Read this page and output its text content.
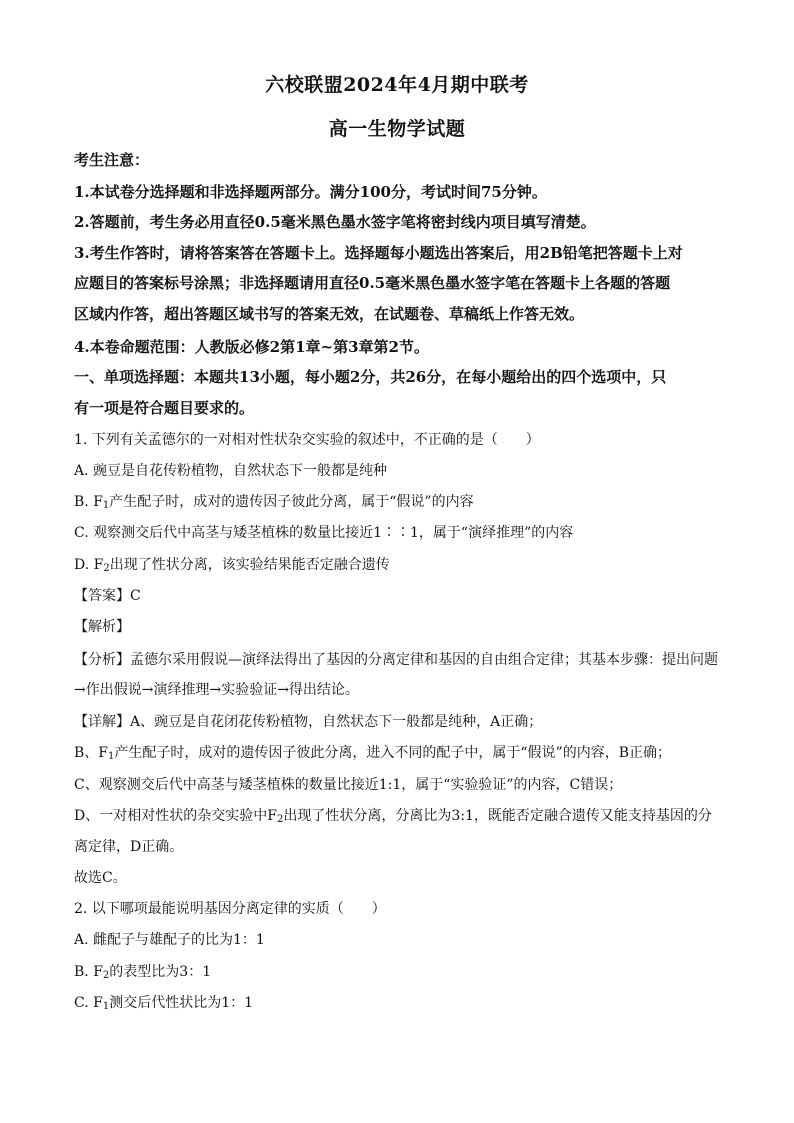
六校联盟2024年4月期中联考
高一生物学试题
考生注意：
1.本试卷分选择题和非选择题两部分。满分100分，考试时间75分钟。
2.答题前，考生务必用直径0.5毫米黑色墨水签字笔将密封线内项目填写清楚。
3.考生作答时，请将答案答在答题卡上。选择题每小题选出答案后，用2B铅笔把答题卡上对
应题目的答案标号涂黑；非选择题请用直径0.5毫米黑色墨水签字笔在答题卡上各题的答题
区域内作答，超出答题区域书写的答案无效，在试题卷、草稿纸上作答无效。
4.本卷命题范围：人教版必修2第1章~第3章第2节。
一、单项选择题：本题共13小题，每小题2分，共26分，在每小题给出的四个选项中，只
有一项是符合题目要求的。
1. 下列有关孟德尔的一对相对性状杂交实验的叙述中，不正确的是（　　）
A. 豌豆是自花传粉植物，自然状态下一般都是纯种
B. $F_1$产生配子时，成对的遗传因子彼此分离，属于“假说”的内容
C. 观察测交后代中高茎与矮茎植株的数量比接近1∶∶1，属于“演绎推理”的内容
D. $F_2$出现了性状分离，该实验结果能否定融合遗传
【答案】C
【解析】
【分析】孟德尔采用假说—演绎法得出了基因的分离定律和基因的自由组合定律；其基本步骤：提出问题
→作出假说→演绎推理→实验验证→得出结论。
【详解】A、豌豆是自花闭花传粉植物，自然状态下一般都是纯种，A正确；
B、$F_1$产生配子时，成对的遗传因子彼此分离，进入不同的配子中，属于“假说”的内容，B正确；
C、观察测交后代中高茎与矮茎植株的数量比接近1:1，属于“实验验证”的内容，C错误；
D、一对相对性状的杂交实验中$F_2$出现了性状分离，分离比为3:1，既能否定融合遗传又能支持基因的分
离定律，D正确。
故选C。
2. 以下哪项最能说明基因分离定律的实质（　　）
A. 雌配子与雄配子的比为1：1
B. $F_2$的表型比为3：1
C. $F_1$测交后代性状比为1：1
